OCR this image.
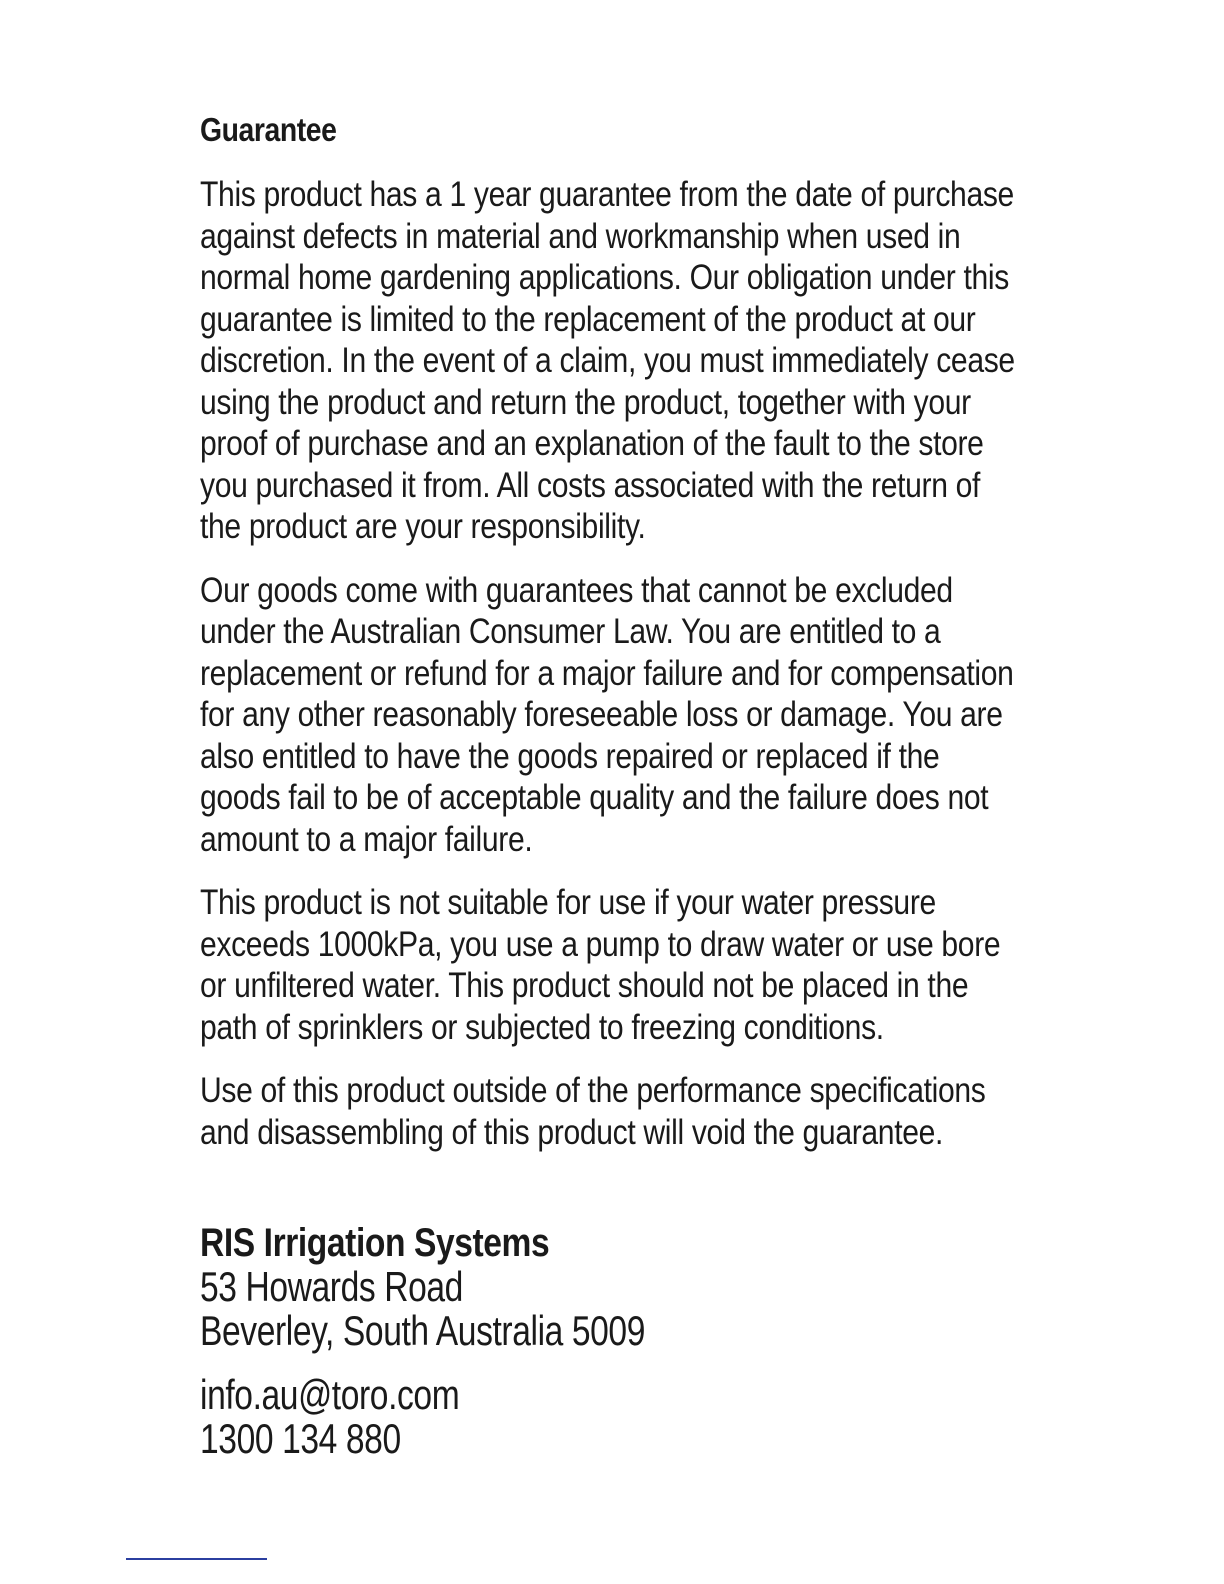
Guarantee
This product has a 1 year guarantee from the date of purchase against defects in material and workmanship when used in normal home gardening applications. Our obligation under this guarantee is limited to the replacement of the product at our discretion. In the event of a claim, you must immediately cease using the product and return the product, together with your proof of purchase and an explanation of the fault to the store you purchased it from. All costs associated with the return of the product are your responsibility.
Our goods come with guarantees that cannot be excluded under the Australian Consumer Law. You are entitled to a replacement or refund for a major failure and for compensation for any other reasonably foreseeable loss or damage. You are also entitled to have the goods repaired or replaced if the goods fail to be of acceptable quality and the failure does not amount to a major failure.
This product is not suitable for use if your water pressure exceeds 1000kPa, you use a pump to draw water or use bore or unfiltered water. This product should not be placed in the path of sprinklers or subjected to freezing conditions.
Use of this product outside of the performance specifications and disassembling of this product will void the guarantee.
RIS Irrigation Systems
53 Howards Road
Beverley, South Australia 5009
info.au@toro.com
1300 134 880
